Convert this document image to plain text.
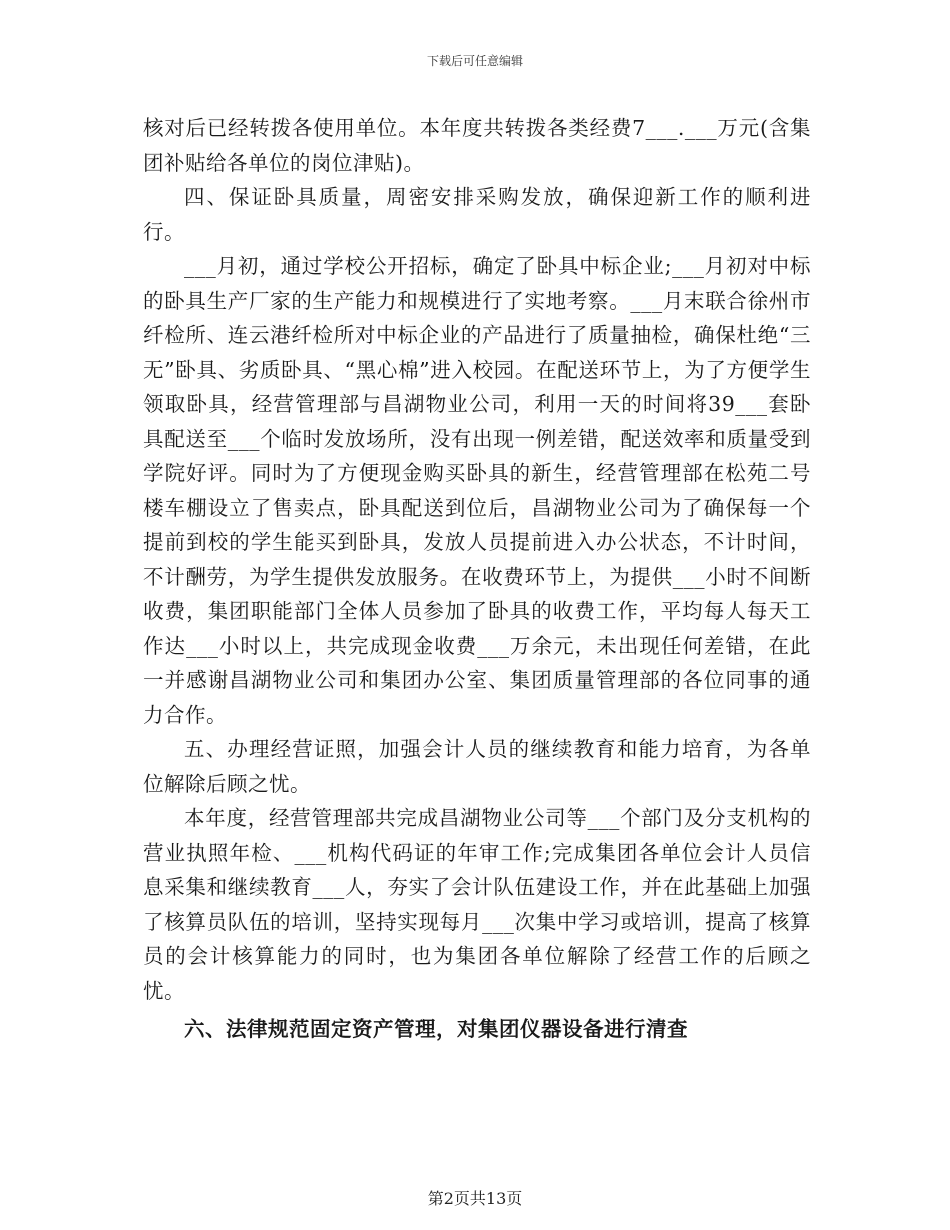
下载后可任意编辑

核对后已经转拨各使用单位。本年度共转拨各类经费7___.___万元(含集团补贴给各单位的岗位津贴)。

四、保证卧具质量，周密安排采购发放，确保迎新工作的顺利进行。

___月初，通过学校公开招标，确定了卧具中标企业;___月初对中标的卧具生产厂家的生产能力和规模进行了实地考察。___月末联合徐州市纤检所、连云港纤检所对中标企业的产品进行了质量抽检，确保杜绝“三无”卧具、劣质卧具、“黑心棉”进入校园。在配送环节上，为了方便学生领取卧具，经营管理部与昌湖物业公司，利用一天的时间将39___套卧具配送至___个临时发放场所，没有出现一例差错，配送效率和质量受到学院好评。同时为了方便现金购买卧具的新生，经营管理部在松苑二号楼车棚设立了售卖点，卧具配送到位后，昌湖物业公司为了确保每一个提前到校的学生能买到卧具，发放人员提前进入办公状态，不计时间，不计酬劳，为学生提供发放服务。在收费环节上，为提供___小时不间断收费，集团职能部门全体人员参加了卧具的收费工作，平均每人每天工作达___小时以上，共完成现金收费___万余元，未出现任何差错，在此一并感谢昌湖物业公司和集团办公室、集团质量管理部的各位同事的通力合作。

五、办理经营证照，加强会计人员的继续教育和能力培育，为各单位解除后顾之忧。

本年度，经营管理部共完成昌湖物业公司等___个部门及分支机构的营业执照年检、___机构代码证的年审工作;完成集团各单位会计人员信息采集和继续教育___人，夯实了会计队伍建设工作，并在此基础上加强了核算员队伍的培训，坚持实现每月___次集中学习或培训，提高了核算员的会计核算能力的同时，也为集团各单位解除了经营工作的后顾之忧。

六、法律规范固定资产管理，对集团仪器设备进行清查

第2页共13页
